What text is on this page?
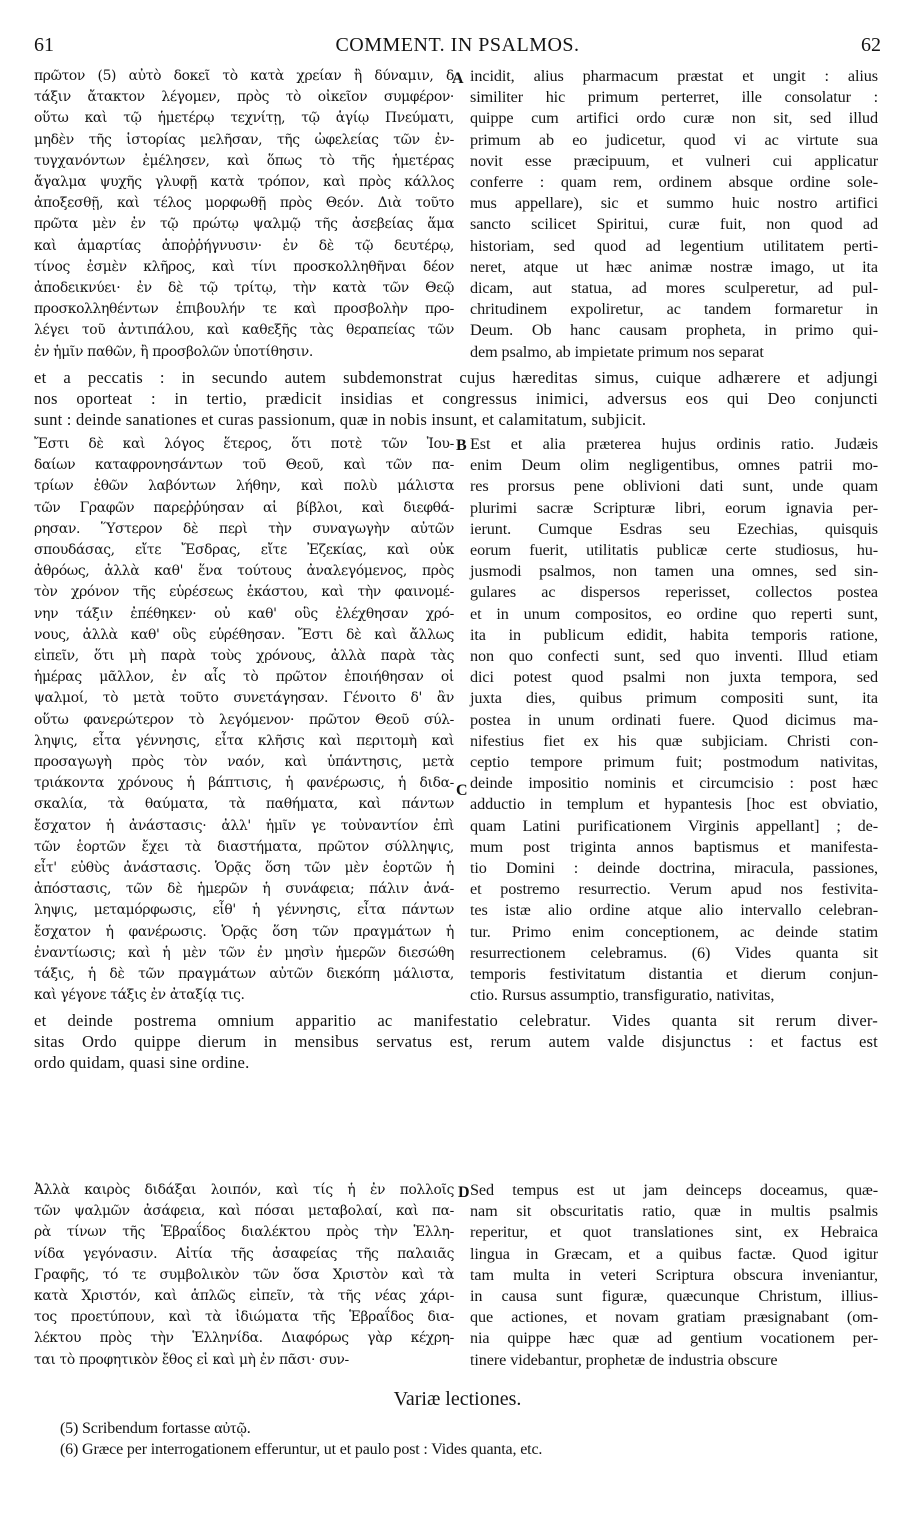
61	COMMENT. IN PSALMOS.	62
πρῶτον (5) αὐτὸ δοκεῖ τὸ κατὰ χρείαν ἢ δύναμιν, δ
τάξιν ἄτακτον λέγομεν, πρὸς τὸ οἰκεῖον συμφέρον·
οὕτω καὶ τῷ ἡμετέρῳ τεχνίτῃ, τῷ ἁγίῳ Πνεύματι,
μηδὲν τῆς ἱστορίας μελῆσαν, τῆς ὠφελείας τῶν ἐν-
τυγχανόντων ἐμέλησεν, καὶ ὅπως τὸ τῆς ἡμετέρας
ἄγαλμα ψυχῆς γλυφῇ κατὰ τρόπον, καὶ πρὸς κάλλος
ἀποξεσθῇ, καὶ τέλος μορφωθῇ πρὸς Θεόν. Διὰ τοῦτο
πρῶτα μὲν ἐν τῷ πρώτῳ ψαλμῷ τῆς ἀσεβείας ἅμα
καὶ ἁμαρτίας ἀποῤῥήγνυσιν· ἐν δὲ τῷ δευτέρῳ,
τίνος ἐσμὲν κλῆρος, καὶ τίνι προσκολληθῆναι δέον
ἀποδεικνύει· ἐν δὲ τῷ τρίτῳ, τὴν κατὰ τῶν Θεῷ
προσκολληθέντων ἐπιβουλήν τε καὶ προσβολὴν προ-
λέγει τοῦ ἀντιπάλου, καὶ καθεξῆς τὰς θεραπείας τῶν
ἐν ἡμῖν παθῶν, ἢ προσβολῶν ὑποτίθησιν.
incidit, alius pharmacum præstat et ungit : alius
similiter hic primum perterret, ille consolatur :
quippe cum artifici ordo curæ non sit, sed illud
primum ab eo judicetur, quod vi ac virtute sua
novit esse præcipuum, et vulneri cui applicatur
conferre : quam rem, ordinem absque ordine sole-
mus appellare), sic et summo huic nostro artifici
sancto scilicet Spiritui, curæ fuit, non quod ad
historiam, sed quod ad legentium utilitatem perti-
neret, atque ut hæc animæ nostræ imago, ut ita
dicam, aut statua, ad mores sculperetur, ad pul-
chritudinem expoliretur, ac tandem formaretur in
Deum. Ob hanc causam propheta, in primo qui-
dem psalmo, ab impietate primum nos separat
et a peccatis : in secundo autem subdemonstrat cujus hæreditas simus, cuique adhærere et adjungi
nos oporteat : in tertio, prædicit insidias et congressus inimici, adversus eos qui Deo conjuncti
sunt : deinde sanationes et curas passionum, quæ in nobis insunt, et calamitatum, subjicit.
Ἔστι δὲ καὶ λόγος ἕτερος, ὅτι ποτὲ τῶν Ἰου-
δαίων καταφρονησάντων τοῦ Θεοῦ, καὶ τῶν πα-
τρίων ἐθῶν λαβόντων λήθην, καὶ πολὺ μάλιστα
τῶν Γραφῶν παρεῤῥύησαν αἱ βίβλοι, καὶ διεφθά-
ρησαν. Ὕστερον δὲ περὶ τὴν συναγωγὴν αὐτῶν
σπουδάσας, εἴτε Ἔσδρας, εἴτε Ἐζεκίας, καὶ οὐκ
ἀθρόως, ἀλλὰ καθ' ἕνα τούτους ἀναλεγόμενος, πρὸς
τὸν χρόνον τῆς εὑρέσεως ἑκάστου, καὶ τὴν φαινομέ-
νην τάξιν ἐπέθηκεν· οὐ καθ' οὓς ἐλέχθησαν χρό-
νους, ἀλλὰ καθ' οὓς εὑρέθησαν. Ἔστι δὲ καὶ ἄλλως
εἰπεῖν, ὅτι μὴ παρὰ τοὺς χρόνους, ἀλλὰ παρὰ τὰς
ἡμέρας μᾶλλον, ἐν αἷς τὸ πρῶτον ἐποιήθησαν οἱ
ψαλμοί, τὸ μετὰ τοῦτο συνετάγησαν. Γένοιτο δ' ἂν
οὕτω φανερώτερον τὸ λεγόμενον· πρῶτον Θεοῦ σύλ-
ληψις, εἶτα γέννησις, εἶτα κλῆσις καὶ περιτομὴ καὶ
προσαγωγὴ πρὸς τὸν ναόν, καὶ ὑπάντησις, μετὰ
τριάκοντα χρόνους ἡ βάπτισις, ἡ φανέρωσις, ἡ διδα-
σκαλία, τὰ θαύματα, τὰ παθήματα, καὶ πάντων
ἔσχατον ἡ ἀνάστασις· ἀλλ' ἡμῖν γε τοὐναντίον ἐπὶ
τῶν ἑορτῶν ἔχει τὰ διαστήματα, πρῶτον σύλληψις,
εἶτ' εὐθὺς ἀνάστασις. Ὁρᾷς ὅση τῶν μὲν ἑορτῶν ἡ
ἀπόστασις, τῶν δὲ ἡμερῶν ἡ συνάφεια; πάλιν ἀνά-
ληψις, μεταμόρφωσις, εἶθ' ἡ γέννησις, εἶτα πάντων
ἔσχατον ἡ φανέρωσις. Ὁρᾷς ὅση τῶν πραγμάτων ἡ
ἐναντίωσις; καὶ ἡ μὲν τῶν ἐν μησὶν ἡμερῶν διεσώθη
τάξις, ἡ δὲ τῶν πραγμάτων αὐτῶν διεκόπη μάλιστα,
καὶ γέγονε τάξις ἐν ἀταξίᾳ τις.
Est et alia præterea hujus ordinis ratio. Judæis
enim Deum olim negligentibus, omnes patrii mo-
res prorsus pene oblivioni dati sunt, unde quam
plurimi sacræ Scripturæ libri, eorum ignavia per-
ierunt. Cumque Esdras seu Ezechias, quisquis
eorum fuerit, utilitatis publicæ certe studiosus, hu-
jusmodi psalmos, non tamen una omnes, sed sin-
gulares ac dispersos reperisset, collectos postea
et in unum compositos, eo ordine quo reperti sunt,
ita in publicum edidit, habita temporis ratione,
non quo confecti sunt, sed quo inventi. Illud etiam
dici potest quod psalmi non juxta tempora, sed
juxta dies, quibus primum compositi sunt, ita
postea in unum ordinati fuere. Quod dicimus ma-
nifestius fiet ex his quæ subjiciam. Christi con-
ceptio tempore primum fuit; postmodum nativitas,
deinde impositio nominis et circumcisio : post hæc
adductio in templum et hypantesis [hoc est obviatio,
quam Latini purificationem Virginis appellant] ; de-
mum post triginta annos baptismus et manifesta-
tio Domini : deinde doctrina, miracula, passiones,
et postremo resurrectio. Verum apud nos festivita-
tes istæ alio ordine atque alio intervallo celebran-
tur. Primo enim conceptionem, ac deinde statim
resurrectionem celebramus. (6) Vides quanta sit
temporis festivitatum distantia et dierum conjun-
ctio. Rursus assumptio, transfiguratio, nativitas,
et deinde postrema omnium apparitio ac manifestatio celebratur. Vides quanta sit rerum diver-
sitas Ordo quippe dierum in mensibus servatus est, rerum autem valde disjunctus : et factus est
ordo quidam, quasi sine ordine.
Ἀλλὰ καιρὸς διδάξαι λοιπόν, καὶ τίς ἡ ἐν πολλοῖς
τῶν ψαλμῶν ἀσάφεια, καὶ πόσαι μεταβολαί, καὶ πα-
ρὰ τίνων τῆς Ἑβραΐδος διαλέκτου πρὸς τὴν Ἑλλη-
νίδα γεγόνασιν. Αἰτία τῆς ἀσαφείας τῆς παλαιᾶς
Γραφῆς, τό τε συμβολικὸν τῶν ὅσα Χριστὸν καὶ τὰ
κατὰ Χριστόν, καὶ ἁπλῶς εἰπεῖν, τὰ τῆς νέας χάρι-
τος προετύπουν, καὶ τὰ ἰδιώματα τῆς Ἑβραΐδος δια-
λέκτου πρὸς τὴν Ἑλληνίδα. Διαφόρως γὰρ κέχρη-
ται τὸ προφητικὸν ἔθος εἰ καὶ μὴ ἐν πᾶσι· συν-
Sed tempus est ut jam deinceps doceamus, quæ-
nam sit obscuritatis ratio, quæ in multis psalmis
reperitur, et quot translationes sint, ex Hebraica
lingua in Græcam, et a quibus factæ. Quod igitur
tam multa in veteri Scriptura obscura inveniantur,
in causa sunt figuræ, quæcunque Christum, illius-
que actiones, et novam gratiam præsignabant (om-
nia quippe hæc quæ ad gentium vocationem per-
tinere videbantur, prophetæ de industria obscure
A
B
C
D
Variæ lectiones.
(5) Scribendum fortasse αὐτῷ.
(6) Græce per interrogationem efferuntur, ut et paulo post : Vides quanta, etc.
